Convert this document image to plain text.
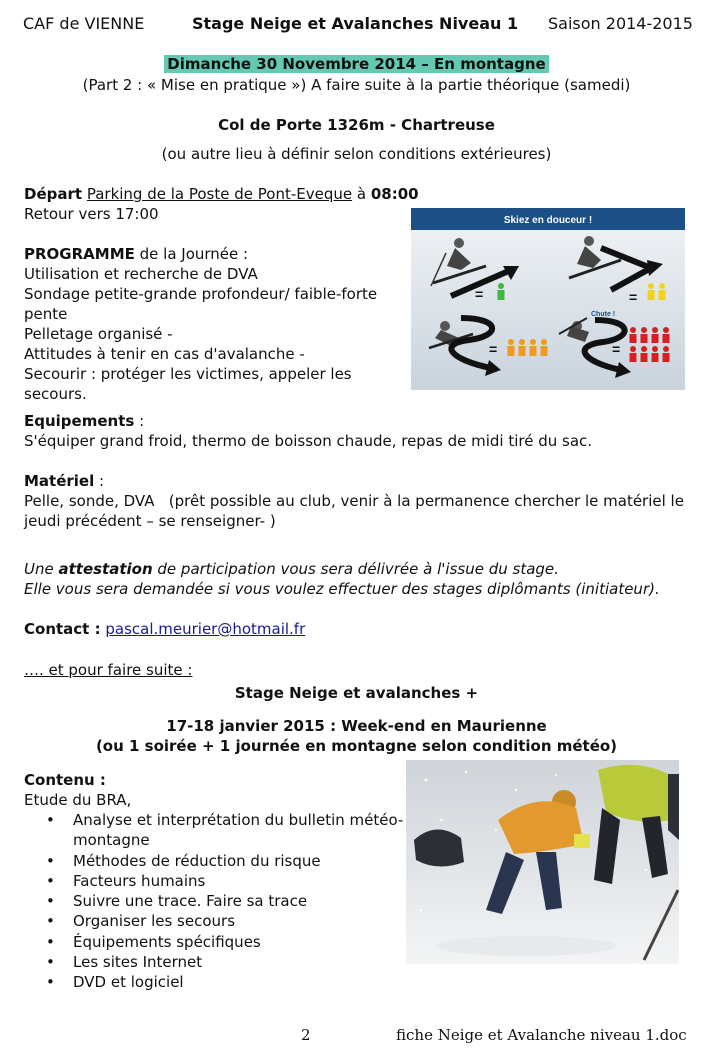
CAF de VIENNE	Stage Neige et Avalanches Niveau 1 Saison 2014-2015
Dimanche 30 Novembre 2014 – En montagne
(Part 2 : « Mise en pratique ») A faire suite à la partie théorique (samedi)
Col de Porte 1326m - Chartreuse
(ou autre lieu à définir selon conditions extérieures)
Départ Parking de la Poste de Pont-Eveque à 08:00
Retour vers 17:00
PROGRAMME de la Journée :
Utilisation et recherche de DVA
Sondage petite-grande profondeur/ faible-forte
pente
Pelletage organisé -
Attitudes à tenir en cas d'avalanche -
Secourir : protéger les victimes, appeler les secours.
Skiez en douceur !
=	=
=
Chute !
=
Equipements :
S'équiper grand froid, thermo de boisson chaude, repas de midi tiré du sac.
Matériel :
Pelle, sonde, DVA   (prêt possible au club, venir à la permanence chercher le matériel le
jeudi précédent – se renseigner- )
Une attestation de participation vous sera délivrée à l'issue du stage.
Elle vous sera demandée si vous voulez effectuer des stages diplômants (initiateur).
Contact : pascal.meurier@hotmail.fr
…. et pour faire suite :
Stage Neige et avalanches +
17-18 janvier 2015 : Week-end en Maurienne
(ou 1 soirée + 1 journée en montagne selon condition météo)
Contenu :
Etude du BRA,
• Analyse et interprétation du bulletin météo-
montagne
• Méthodes de réduction du risque
• Facteurs humains
• Suivre une trace. Faire sa trace
• Organiser les secours
• Équipements spécifiques
• Les sites Internet
• DVD et logiciel
2	fiche Neige et Avalanche niveau 1.doc
